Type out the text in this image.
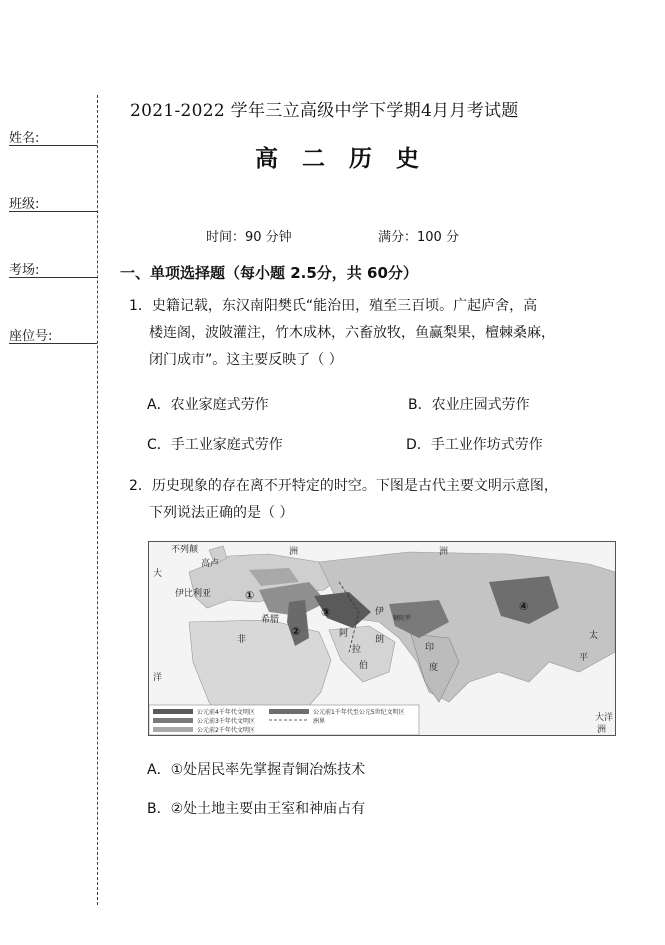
姓名:
班级:
考场:
座位号:
2021-2022 学年三立高级中学下学期4月月考试题
高 二 历 史
时间：90 分钟	满分：100 分
一、单项选择题（每小题 2.5分，共 60分）
1．史籍记载，东汉南阳樊氏“能治田，殖至三百顷。广起庐舍，高
楼连阁，波陂灌注，竹木成林，六畜放牧，鱼赢梨果，檀棘桑麻，
闭门成市”。这主要反映了（ ）
A．农业家庭式劳作	B．农业庄园式劳作
C．手工业家庭式劳作	D．手工业作坊式劳作
2．历史现象的存在离不开特定的时空。下图是古代主要文明示意图，
下列说法正确的是（ ）
不列颠
高卢
伊比利亚
大
洋
非
希腊
阿
拉
伯
伊
朗
印
度
洲	洲
太
平
大洋
洲
犍陀罗
①
②
③	④
公元前4千年代文明区
公元前3千年代文明区
公元前2千年代文明区
公元前1千年代至公元5世纪文明区
洲界
A．①处居民率先掌握青铜冶炼技术
B．②处土地主要由王室和神庙占有
